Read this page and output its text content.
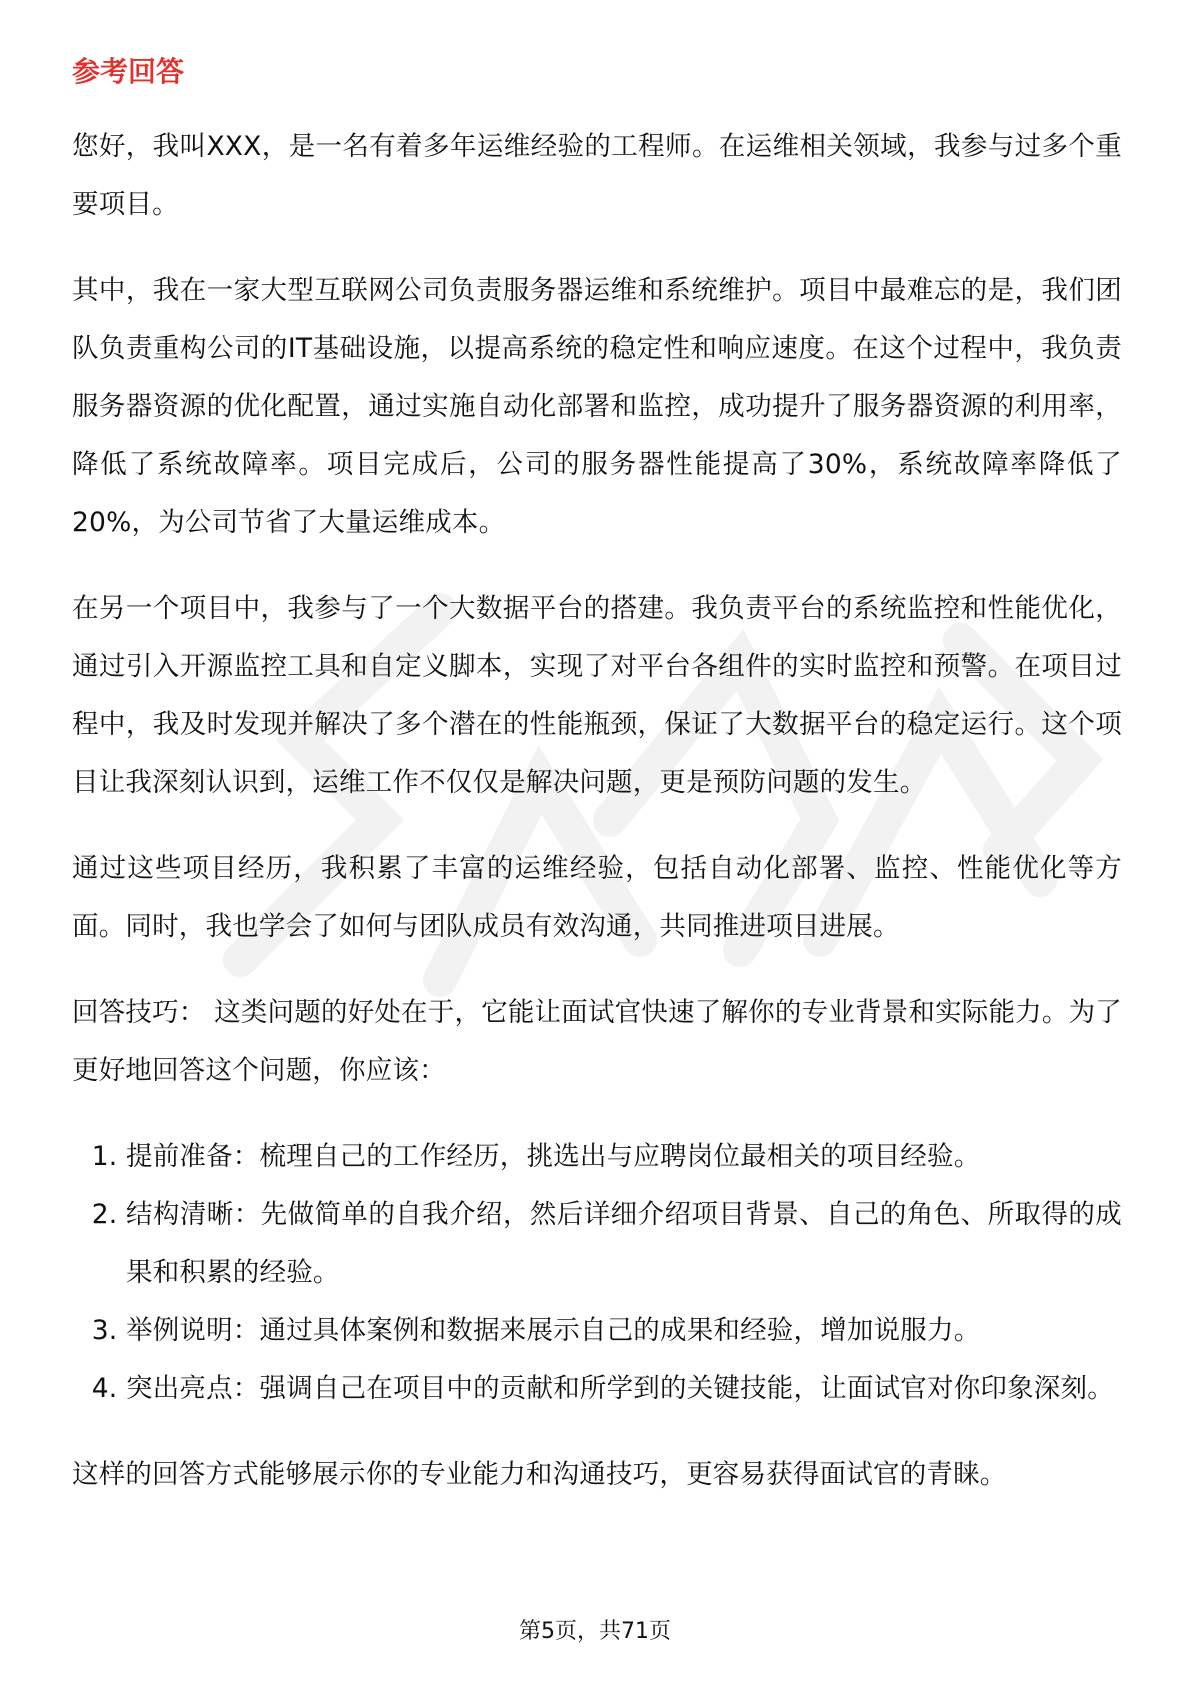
参考回答

您好，我叫XXX，是一名有着多年运维经验的工程师。在运维相关领域，我参与过多个重要项目。

其中，我在一家大型互联网公司负责服务器运维和系统维护。项目中最难忘的是，我们团队负责重构公司的IT基础设施，以提高系统的稳定性和响应速度。在这个过程中，我负责服务器资源的优化配置，通过实施自动化部署和监控，成功提升了服务器资源的利用率，降低了系统故障率。项目完成后，公司的服务器性能提高了30%，系统故障率降低了20%，为公司节省了大量运维成本。

在另一个项目中，我参与了一个大数据平台的搭建。我负责平台的系统监控和性能优化，通过引入开源监控工具和自定义脚本，实现了对平台各组件的实时监控和预警。在项目过程中，我及时发现并解决了多个潜在的性能瓶颈，保证了大数据平台的稳定运行。这个项目让我深刻认识到，运维工作不仅仅是解决问题，更是预防问题的发生。

通过这些项目经历，我积累了丰富的运维经验，包括自动化部署、监控、性能优化等方面。同时，我也学会了如何与团队成员有效沟通，共同推进项目进展。

回答技巧： 这类问题的好处在于，它能让面试官快速了解你的专业背景和实际能力。为了更好地回答这个问题，你应该：

1. 提前准备：梳理自己的工作经历，挑选出与应聘岗位最相关的项目经验。
2. 结构清晰：先做简单的自我介绍，然后详细介绍项目背景、自己的角色、所取得的成果和积累的经验。
3. 举例说明：通过具体案例和数据来展示自己的成果和经验，增加说服力。
4. 突出亮点：强调自己在项目中的贡献和所学到的关键技能，让面试官对你印象深刻。

这样的回答方式能够展示你的专业能力和沟通技巧，更容易获得面试官的青睐。

第5页，共71页
